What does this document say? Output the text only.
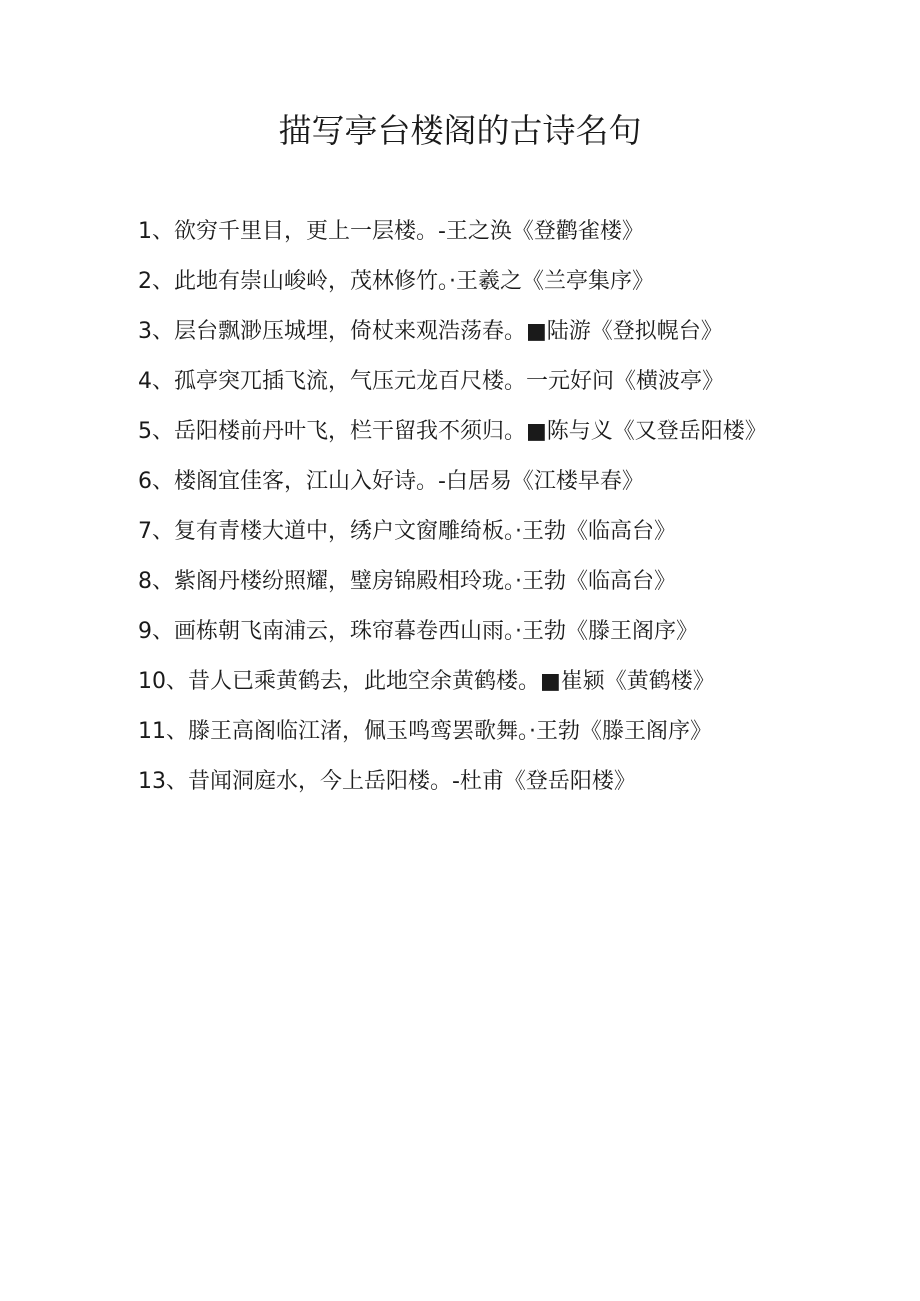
描写亭台楼阁的古诗名句
1、欲穷千里目，更上一层楼。-王之涣《登鹳雀楼》
2、此地有崇山峻岭，茂林修竹。·王羲之《兰亭集序》
3、层台飘渺压城埋，倚杖来观浩荡春。■陆游《登拟幌台》
4、孤亭突兀插飞流，气压元龙百尺楼。一元好问《横波亭》
5、岳阳楼前丹叶飞，栏干留我不须归。■陈与义《又登岳阳楼》
6、楼阁宜佳客，江山入好诗。-白居易《江楼早春》
7、复有青楼大道中，绣户文窗雕绮板。·王勃《临高台》
8、紫阁丹楼纷照耀，璧房锦殿相玲珑。·王勃《临高台》
9、画栋朝飞南浦云，珠帘暮卷西山雨。·王勃《滕王阁序》
10、昔人已乘黄鹤去，此地空余黄鹤楼。■崔颍《黄鹤楼》
11、滕王高阁临江渚，佩玉鸣鸾罢歌舞。·王勃《滕王阁序》
13、昔闻洞庭水，今上岳阳楼。-杜甫《登岳阳楼》
